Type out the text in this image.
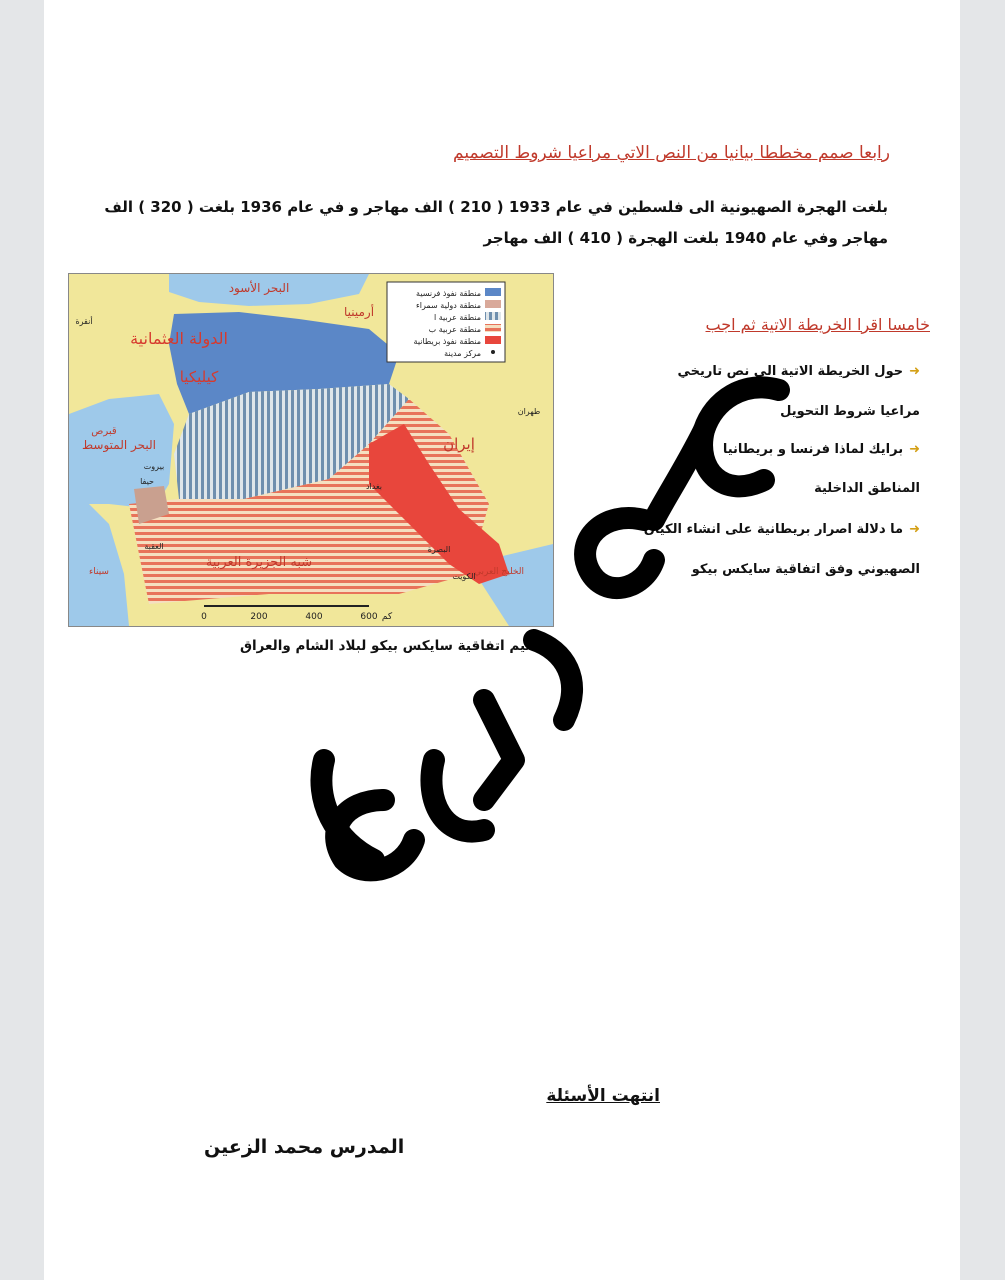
رابعا صمم مخططا بيانيا من النص الاتي مراعيا شروط التصميم
بلغت الهجرة الصهيونية الى فلسطين في عام 1933 ( 210 ) الف مهاجر و في عام 1936 بلغت ( 320 ) الف
مهاجر وفي عام 1940 بلغت الهجرة ( 410 ) الف مهاجر
البحر الأسود
الدولة العثمانية
كيليكيا
أرمينيا
إيران
البحر المتوسط
قبرص
شبه الجزيرة العربية
الخليج العربي
أنقرة
طهران
بيروت
حيفا
العقبة
سيناء
بغداد
البصرة
الكويت
منطقة نفوذ فرنسية
منطقة دولية سمراء
منطقة عربية ا
منطقة عربية ب
منطقة نفوذ بريطانية
مركز مدينة
0	200	400	600 كم
تقسيم اتفاقية سايكس بيكو لبلاد الشام والعراق
خامسا اقرا الخريطة الاتية ثم اجب
➜حول الخريطة الاتية الى نص تاريخي
مراعيا شروط التحويل
➜برايك لماذا فرنسا و بريطانيا
المناطق الداخلية
➜ما دلالة اصرار بريطانية على انشاء الكيان
الصهيوني وفق اتفاقية سايكس بيكو
انتهت الأسئلة
المدرس محمد الزعين
